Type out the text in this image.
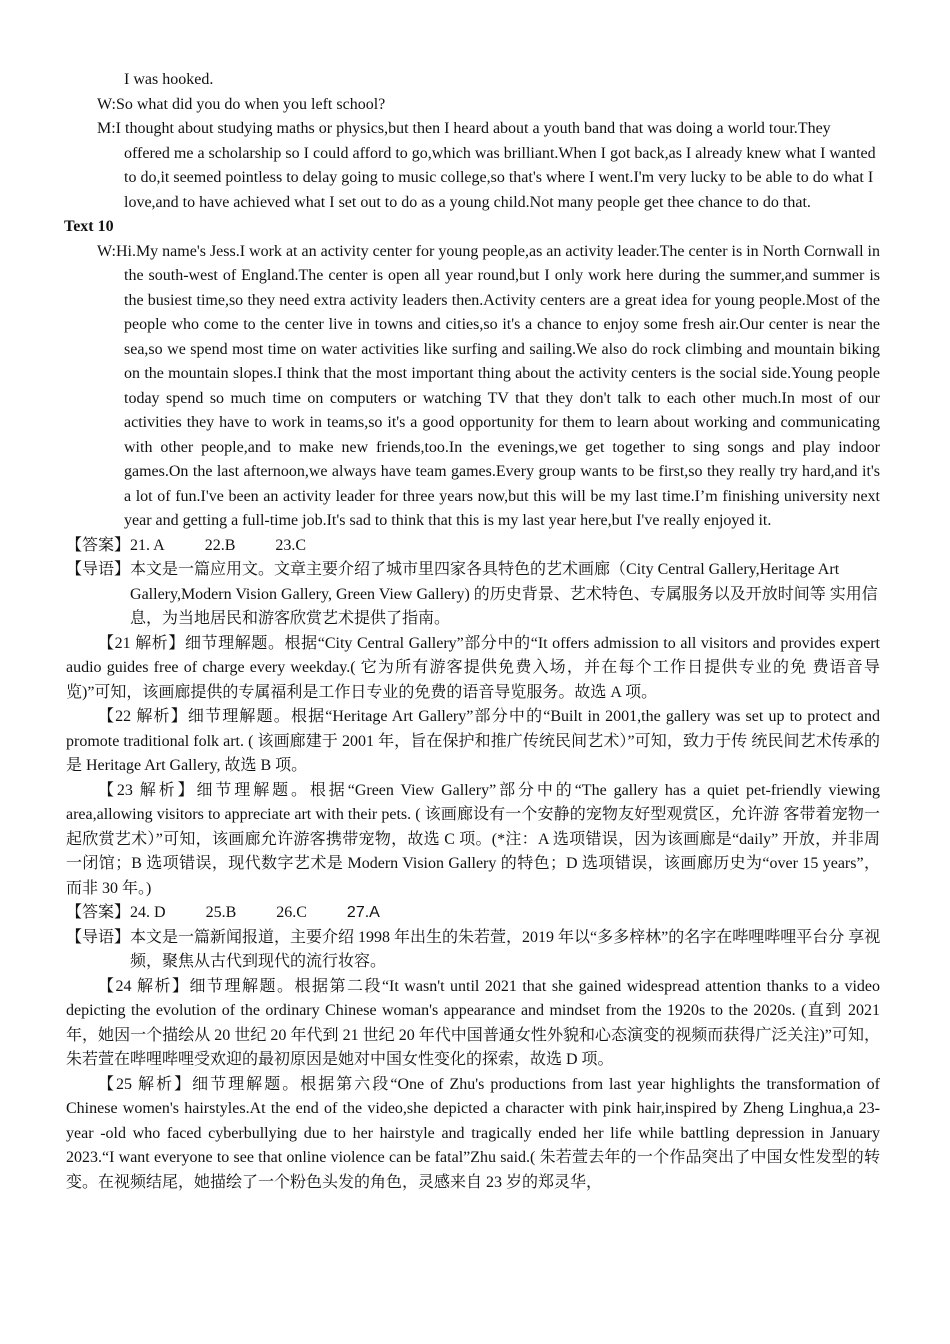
I was hooked.
W:So what did you do when you left school?
M:I thought about studying maths or physics,but then I heard about a youth band that was doing a world tour.They offered me a scholarship so I could afford to go,which was brilliant.When I got back,as I already knew what I wanted to do,it seemed pointless to delay going to music college,so that's where I went.I'm very lucky to be able to do what I love,and to have achieved what I set out to do as a young child.Not many people get thee chance to do that.
Text 10
W:Hi.My name's Jess.I work at an activity center for young people,as an activity leader.The center is in North Cornwall in the south-west of England.The center is open all year round,but I only work here during the summer,and summer is the busiest time,so they need extra activity leaders then.Activity centers are a great idea for young people.Most of the people who come to the center live in towns and cities,so it's a chance to enjoy some fresh air.Our center is near the sea,so we spend most time on water activities like surfing and sailing.We also do rock climbing and mountain biking on the mountain slopes.I think that the most important thing about the activity centers is the social side.Young people today spend so much time on computers or watching TV that they don't talk to each other much.In most of our activities they have to work in teams,so it's a good opportunity for them to learn about working and communicating with other people,and to make new friends,too.In the evenings,we get together to sing songs and play indoor games.On the last afternoon,we always have team games.Every group wants to be first,so they really try hard,and it's a lot of fun.I've been an activity leader for three years now,but this will be my last time.I’m finishing university next year and getting a full-time job.It's sad to think that this is my last year here,but I've really enjoyed it.
【答案】 21. A	22.B	23.C
【导语】 本文是一篇应用文。文章主要介绍了城市里四家各具特色的艺术画廊（City Central Gallery,Heritage Art Gallery,Modern Vision Gallery, Green View Gallery) 的历史背景、艺术特色、专属服务以及开放时间等 实用信息，为当地居民和游客欣赏艺术提供了指南。
【21 解析】细节理解题。根据“City Central Gallery”部分中的“It offers admission to all visitors and provides expert audio guides free of charge every weekday.( 它为所有游客提供免费入场，并在每个工作日提供专业的免 费语音导览)”可知，该画廊提供的专属福利是工作日专业的免费的语音导览服务。故选 A 项。
【22 解析】细节理解题。根据“Heritage Art Gallery”部分中的“Built in 2001,the gallery was set up to protect and promote traditional folk art. ( 该画廊建于 2001 年，旨在保护和推广传统民间艺术）”可知，致力于传 统民间艺术传承的是 Heritage Art Gallery, 故选 B 项。
【23 解析】细节理解题。根据“Green View Gallery”部分中的“The gallery has a quiet pet-friendly viewing area,allowing visitors to appreciate art with their pets. ( 该画廊设有一个安静的宠物友好型观赏区，允许游 客带着宠物一起欣赏艺术）”可知，该画廊允许游客携带宠物，故选 C 项。(*注：A 选项错误，因为该画廊是“daily” 开放，并非周一闭馆；B 选项错误，现代数字艺术是 Modern Vision Gallery 的特色；D 选项错误，该画廊历史为“over 15 years”， 而非 30 年。)
【答案】 24. D	25.B	26.C	27.A
【导语】 本文是一篇新闻报道，主要介绍 1998 年出生的朱若萱，2019 年以“多多梓林”的名字在哔哩哔哩平台分 享视频，聚焦从古代到现代的流行妆容。
【24 解析】细节理解题。根据第二段“It wasn't until 2021 that she gained widespread attention thanks to a video depicting the evolution of the ordinary Chinese woman's appearance and mindset from the 1920s to the 2020s. (直到 2021 年，她因一个描绘从 20 世纪 20 年代到 21 世纪 20 年代中国普通女性外貌和心态演变的视频而获得广泛关注)”可知，朱若萱在哔哩哔哩受欢迎的最初原因是她对中国女性变化的探索，故选 D 项。
【25 解析】细节理解题。根据第六段“One of Zhu's productions from last year highlights the transformation of Chinese women's hairstyles.At the end of the video,she depicted a character with pink hair,inspired by Zheng Linghua,a 23-year -old who faced cyberbullying due to her hairstyle and tragically ended her life while battling depression in January 2023.“I want everyone to see that online violence can be fatal”Zhu said.( 朱若萱去年的一个作品突出了中国女性发型的转变。在视频结尾，她描绘了一个粉色头发的角色，灵感来自 23 岁的郑灵华，
